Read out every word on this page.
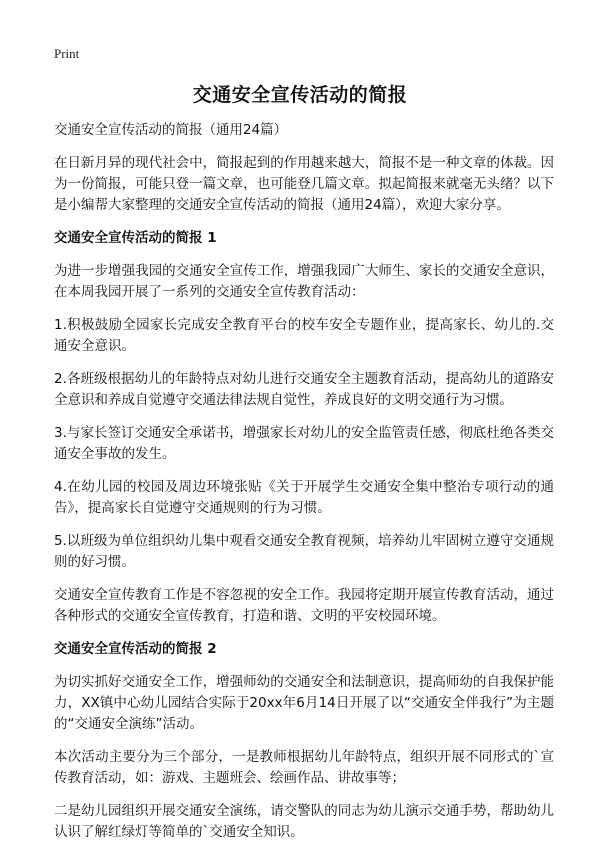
Print
交通安全宣传活动的简报
交通安全宣传活动的简报（通用24篇）
在日新月异的现代社会中，简报起到的作用越来越大，简报不是一种文章的体裁。因为一份简报，可能只登一篇文章，也可能登几篇文章。拟起简报来就毫无头绪？以下是小编帮大家整理的交通安全宣传活动的简报（通用24篇），欢迎大家分享。
交通安全宣传活动的简报 1
为进一步增强我园的交通安全宣传工作，增强我园广大师生、家长的交通安全意识，在本周我园开展了一系列的交通安全宣传教育活动：
1.积极鼓励全园家长完成安全教育平台的校车安全专题作业，提高家长、幼儿的.交通安全意识。
2.各班级根据幼儿的年龄特点对幼儿进行交通安全主题教育活动，提高幼儿的道路安全意识和养成自觉遵守交通法律法规自觉性，养成良好的文明交通行为习惯。
3.与家长签订交通安全承诺书，增强家长对幼儿的安全监管责任感，彻底杜绝各类交通安全事故的发生。
4.在幼儿园的校园及周边环境张贴《关于开展学生交通安全集中整治专项行动的通告》，提高家长自觉遵守交通规则的行为习惯。
5.以班级为单位组织幼儿集中观看交通安全教育视频，培养幼儿牢固树立遵守交通规则的好习惯。
交通安全宣传教育工作是不容忽视的安全工作。我园将定期开展宣传教育活动，通过各种形式的交通安全宣传教育，打造和谐、文明的平安校园环境。
交通安全宣传活动的简报 2
为切实抓好交通安全工作，增强师幼的交通安全和法制意识，提高师幼的自我保护能力，XX镇中心幼儿园结合实际于20xx年6月14日开展了以“交通安全伴我行”为主题的“交通安全演练”活动。
本次活动主要分为三个部分，一是教师根据幼儿年龄特点，组织开展不同形式的`宣传教育活动，如：游戏、主题班会、绘画作品、讲故事等；
二是幼儿园组织开展交通安全演练，请交警队的同志为幼儿演示交通手势，帮助幼儿认识了解红绿灯等简单的`交通安全知识。
